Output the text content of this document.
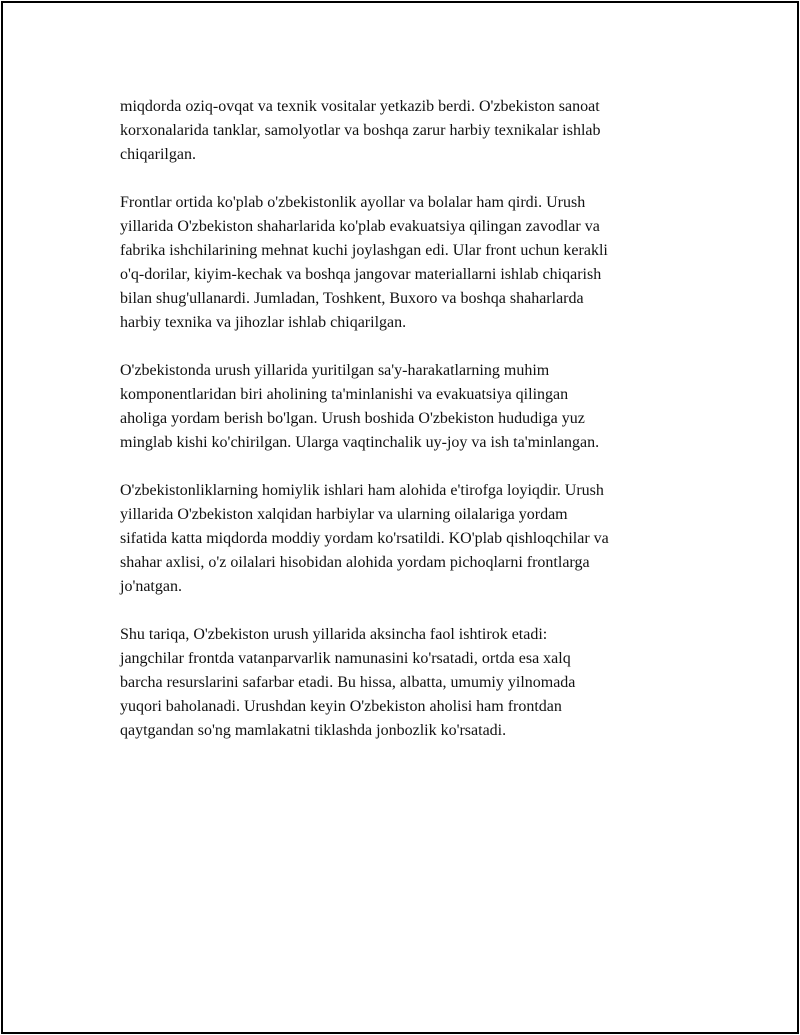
miqdorda oziq-ovqat va texnik vositalar yetkazib berdi. O'zbekiston sanoat
korxonalarida tanklar, samolyotlar va boshqa zarur harbiy texnikalar ishlab
chiqarilgan.

Frontlar ortida ko'plab o'zbekistonlik ayollar va bolalar ham qirdi. Urush
yillarida O'zbekiston shaharlarida ko'plab evakuatsiya qilingan zavodlar va
fabrika ishchilarining mehnat kuchi joylashgan edi. Ular front uchun kerakli
o'q-dorilar, kiyim-kechak va boshqa jangovar materiallarni ishlab chiqarish
bilan shug'ullanardi. Jumladan, Toshkent, Buxoro va boshqa shaharlarda
harbiy texnika va jihozlar ishlab chiqarilgan.

O'zbekistonda urush yillarida yuritilgan sa'y-harakatlarning muhim
komponentlaridan biri aholining ta'minlanishi va evakuatsiya qilingan
aholiga yordam berish bo'lgan. Urush boshida O'zbekiston hududiga yuz
minglab kishi ko'chirilgan. Ularga vaqtinchalik uy-joy va ish ta'minlangan.

O'zbekistonliklarning homiylik ishlari ham alohida e'tirofga loyiqdir. Urush
yillarida O'zbekiston xalqidan harbiylar va ularning oilalariga yordam
sifatida katta miqdorda moddiy yordam ko'rsatildi. KO'plab qishloqchilar va
shahar axlisi, o'z oilalari hisobidan alohida yordam pichoqlarni frontlarga
jo'natgan.

Shu tariqa, O'zbekiston urush yillarida aksincha faol ishtirok etadi:
jangchilar frontda vatanparvarlik namunasini ko'rsatadi, ortda esa xalq
barcha resurslarini safarbar etadi. Bu hissa, albatta, umumiy yilnomada
yuqori baholanadi. Urushdan keyin O'zbekiston aholisi ham frontdan
qaytgandan so'ng mamlakatni tiklashda jonbozlik ko'rsatadi.
